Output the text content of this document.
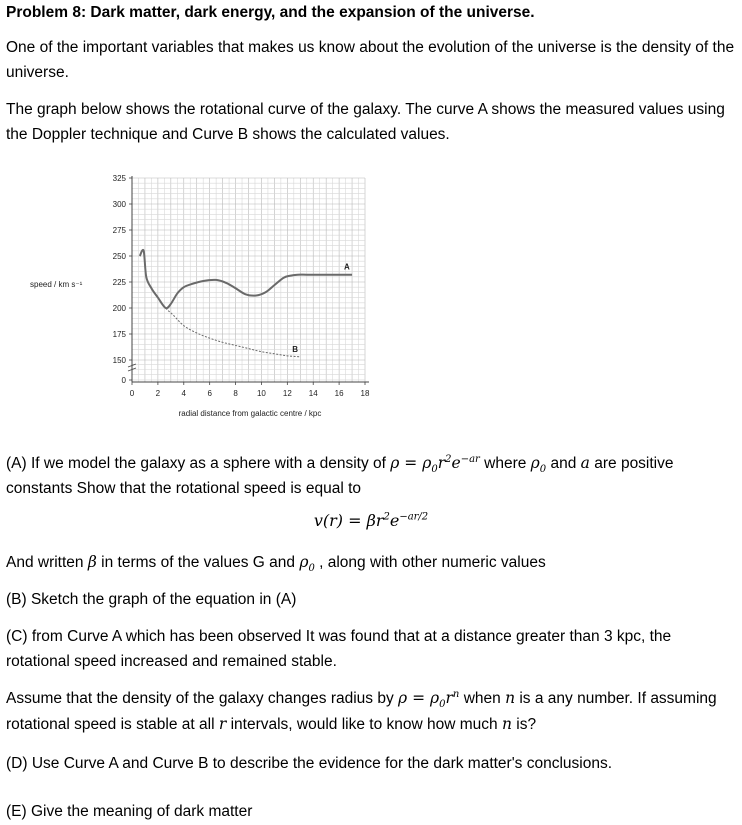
Problem 8: Dark matter, dark energy, and the expansion of the universe.

One of the important variables that makes us know about the evolution of the universe is the density of the universe.

The graph below shows the rotational curve of the galaxy. The curve A shows the measured values using the Doppler technique and Curve B shows the calculated values.

0	2	4	6	8 10 12 14 16 18
0
150
175
200
225
250
275
300
325
A
B
speed / km s⁻¹
radial distance from galactic centre / kpc

(A) If we model the galaxy as a sphere with a density of $\rho = \rho_0r^2e^{-ar}$ where $\rho_0$ and a are positive constants Show that the rotational speed is equal to

$v(r) = \beta r^2e^{-ar/2}$

And written β in terms of the values G and $\rho_0$ , along with other numeric values

(B) Sketch the graph of the equation in (A)

(C) from Curve A which has been observed It was found that at a distance greater than 3 kpc, the rotational speed increased and remained stable.

Assume that the density of the galaxy changes radius by $\rho = \rho_0r^n$ when n is a any number. If assuming rotational speed is stable at all r intervals, would like to know how much n is?

(D) Use Curve A and Curve B to describe the evidence for the dark matter's conclusions.

(E) Give the meaning of dark matter
